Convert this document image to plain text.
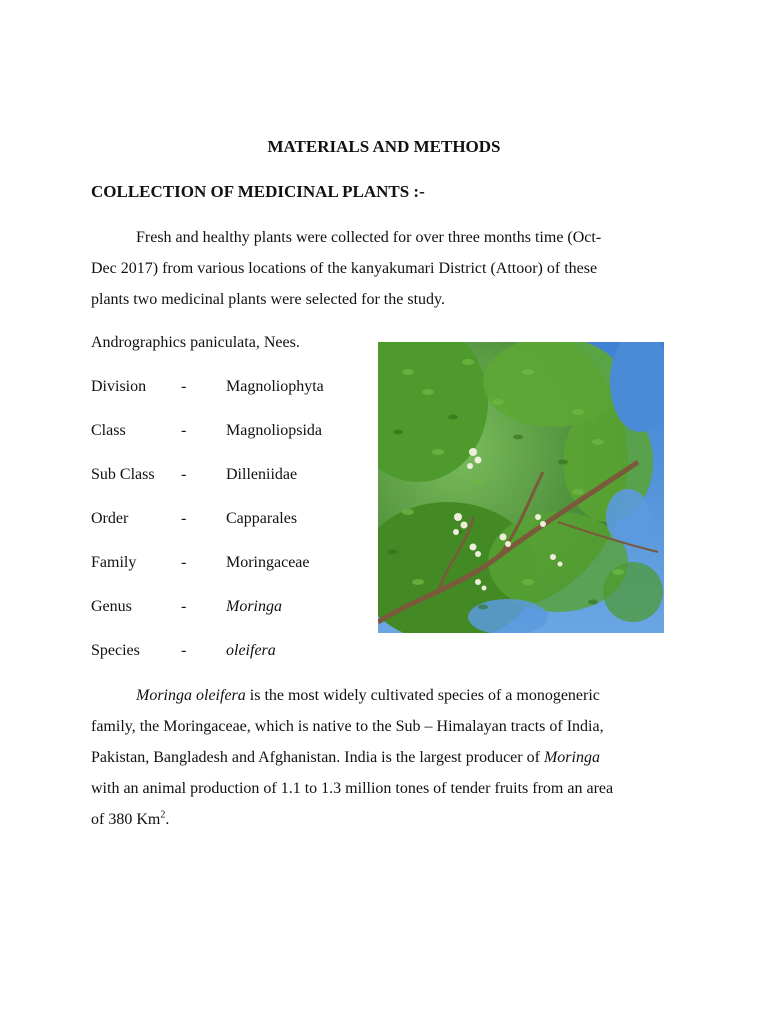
MATERIALS AND METHODS
COLLECTION OF MEDICINAL PLANTS :-
Fresh and healthy plants were collected for over three months time (Oct-
Dec 2017) from various locations of the kanyakumari District (Attoor) of these
plants two medicinal plants were selected for the study.
Andrographics paniculata, Nees.
Division - Magnoliophyta
Class	- Magnoliopsida
Sub Class - Dilleniidae
Order	- Capparales
Family	- Moringaceae
Genus	- Moringa
Species	- oleifera
Moringa oleifera is the most widely cultivated species of a monogeneric
family, the Moringaceae, which is native to the Sub – Himalayan tracts of India,
Pakistan, Bangladesh and Afghanistan. India is the largest producer of Moringa
with an animal production of 1.1 to 1.3 million tones of tender fruits from an area
of 380 Km$^2$.
